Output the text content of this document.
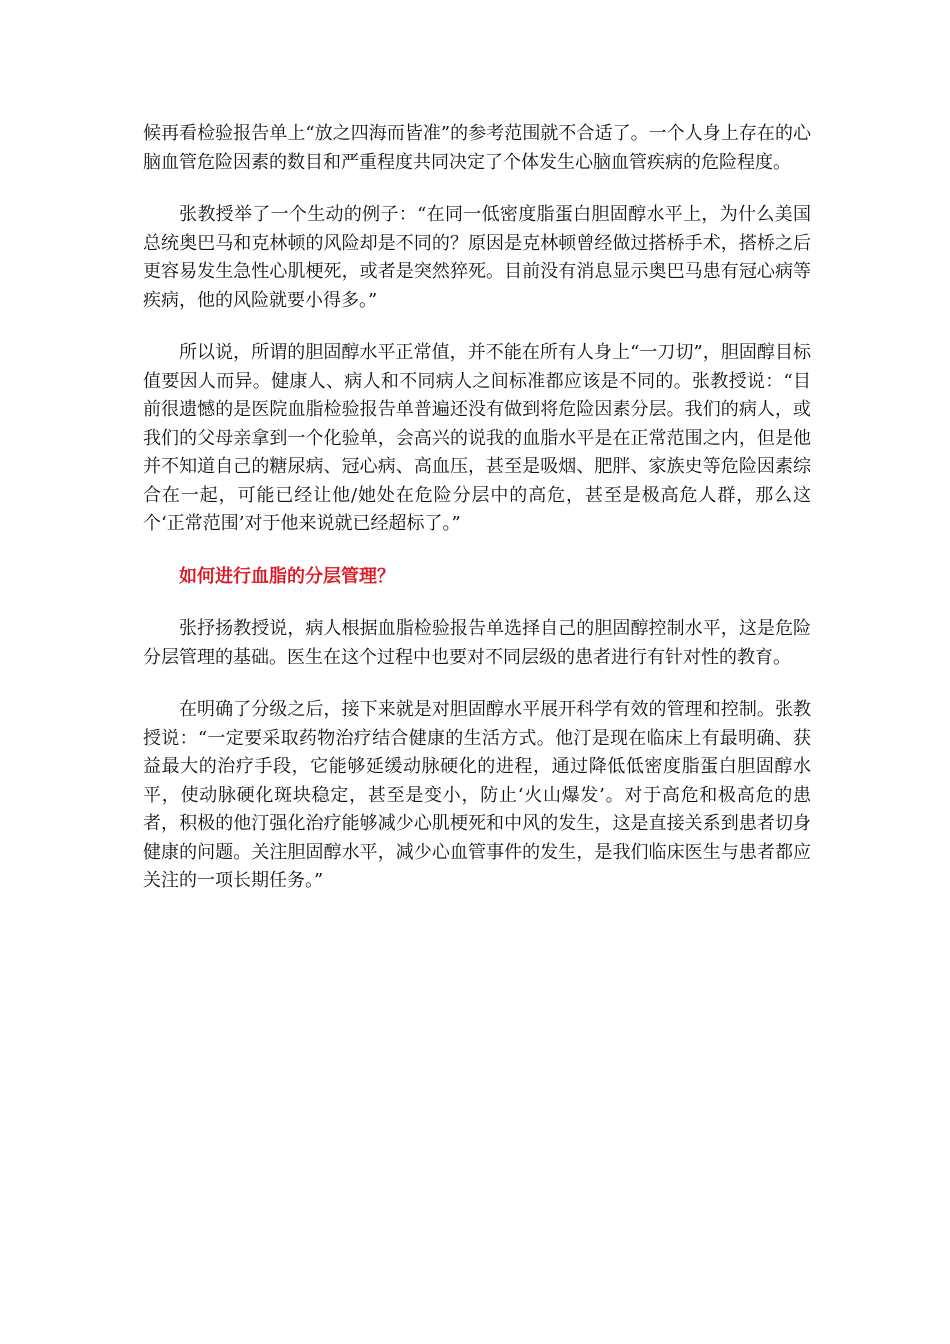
候再看检验报告单上“放之四海而皆准”的参考范围就不合适了。一个人身上存在的心脑血管危险因素的数目和严重程度共同决定了个体发生心脑血管疾病的危险程度。

张教授举了一个生动的例子：“在同一低密度脂蛋白胆固醇水平上，为什么美国总统奥巴马和克林顿的风险却是不同的？原因是克林顿曾经做过搭桥手术，搭桥之后更容易发生急性心肌梗死，或者是突然猝死。目前没有消息显示奥巴马患有冠心病等疾病，他的风险就要小得多。”

所以说，所谓的胆固醇水平正常值，并不能在所有人身上“一刀切”，胆固醇目标值要因人而异。健康人、病人和不同病人之间标准都应该是不同的。张教授说：“目前很遗憾的是医院血脂检验报告单普遍还没有做到将危险因素分层。我们的病人，或我们的父母亲拿到一个化验单，会高兴的说我的血脂水平是在正常范围之内，但是他并不知道自己的糖尿病、冠心病、高血压，甚至是吸烟、肥胖、家族史等危险因素综合在一起，可能已经让他/她处在危险分层中的高危，甚至是极高危人群，那么这个‘正常范围’对于他来说就已经超标了。”

如何进行血脂的分层管理？

张抒扬教授说，病人根据血脂检验报告单选择自己的胆固醇控制水平，这是危险分层管理的基础。医生在这个过程中也要对不同层级的患者进行有针对性的教育。

在明确了分级之后，接下来就是对胆固醇水平展开科学有效的管理和控制。张教授说：“一定要采取药物治疗结合健康的生活方式。他汀是现在临床上有最明确、获益最大的治疗手段，它能够延缓动脉硬化的进程，通过降低低密度脂蛋白胆固醇水平，使动脉硬化斑块稳定，甚至是变小，防止‘火山爆发’。对于高危和极高危的患者，积极的他汀强化治疗能够减少心肌梗死和中风的发生，这是直接关系到患者切身健康的问题。关注胆固醇水平，减少心血管事件的发生，是我们临床医生与患者都应关注的一项长期任务。”
